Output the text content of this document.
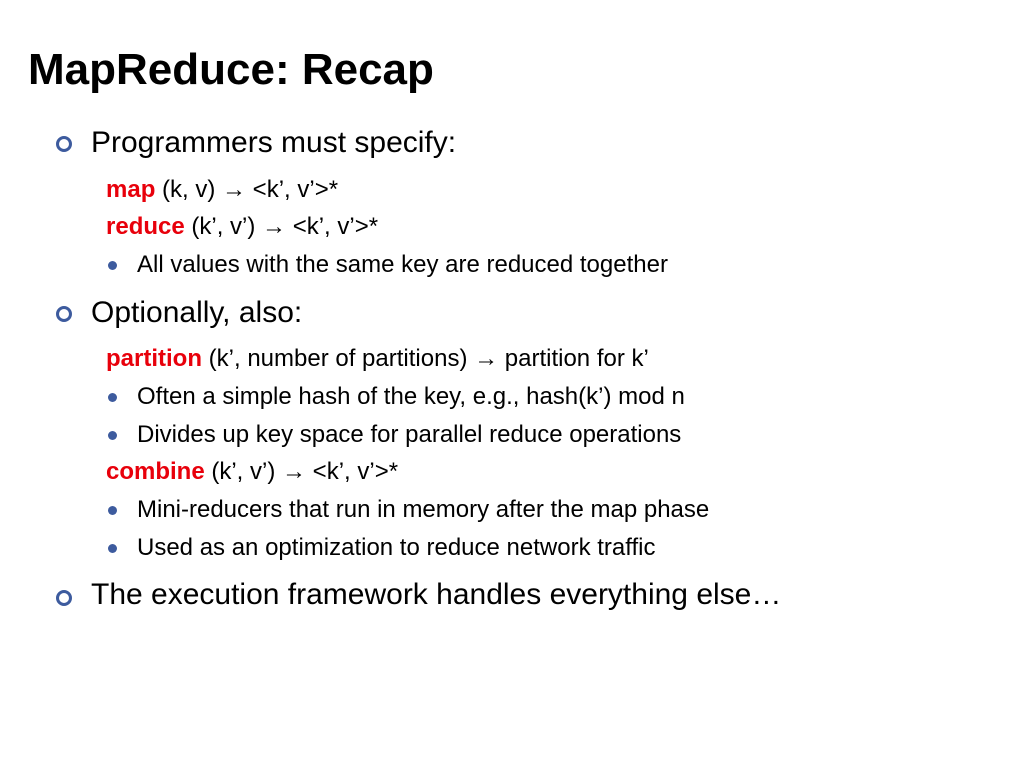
MapReduce: Recap
Programmers must specify:
map (k, v) → <k’, v’>*
reduce (k’, v’) → <k’, v’>*
All values with the same key are reduced together
Optionally, also:
partition (k’, number of partitions) → partition for k’
Often a simple hash of the key, e.g., hash(k’) mod n
Divides up key space for parallel reduce operations
combine (k’, v’) → <k’, v’>*
Mini-reducers that run in memory after the map phase
Used as an optimization to reduce network traffic
The execution framework handles everything else…
